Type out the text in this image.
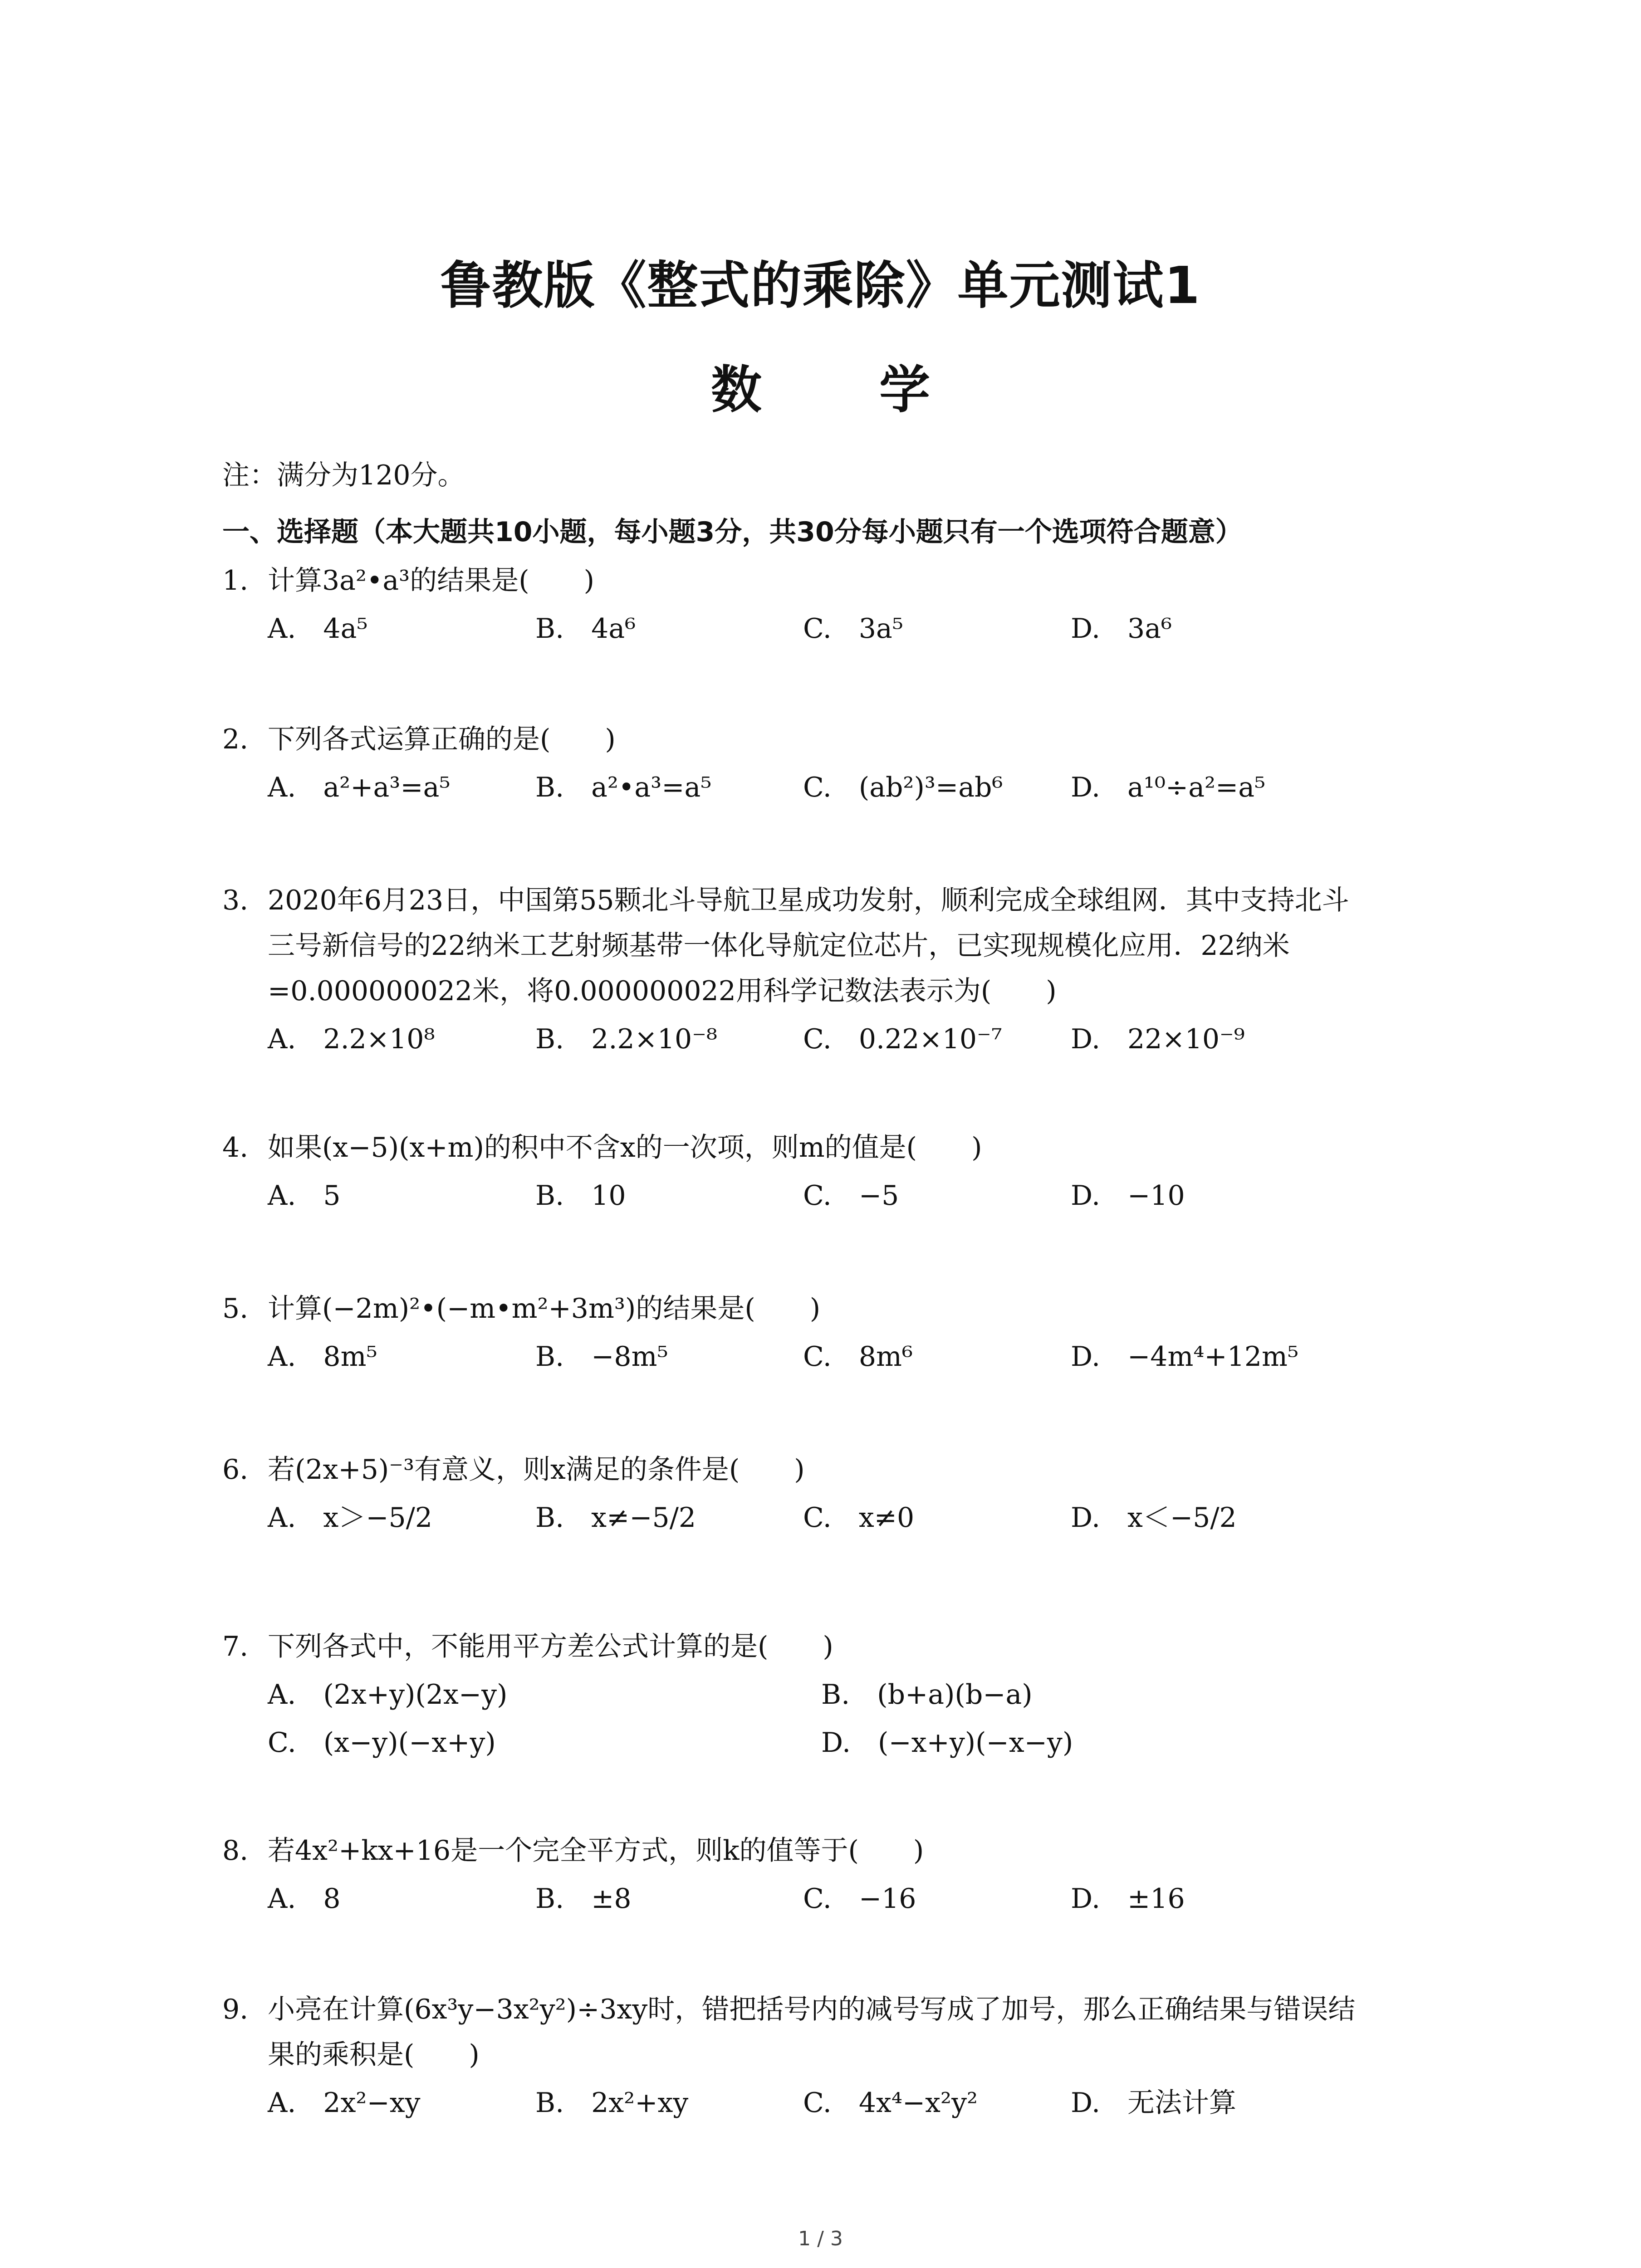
鲁教版《整式的乘除》单元测试1
数 学
注：满分为120分。
一、选择题（本大题共10小题，每小题3分，共30分每小题只有一个选项符合题意）
1. 计算3a²•a³的结果是(　　)
A.　4a⁵	B.　4a⁶	C.　3a⁵	D.　3a⁶
2. 下列各式运算正确的是(　　)
A.　a²+a³=a⁵	B.　a²•a³=a⁵	C.　(ab²)³=ab⁶ D.　a¹⁰÷a²=a⁵
3. 2020年6月23日，中国第55颗北斗导航卫星成功发射，顺利完成全球组网．其中支持北斗
三号新信号的22纳米工艺射频基带一体化导航定位芯片，已实现规模化应用．22纳米
=0.000000022米，将0.000000022用科学记数法表示为(　　)
A.　2.2×10⁸	B.　2.2×10⁻⁸	C.　0.22×10⁻⁷	D.　22×10⁻⁹
4. 如果(x−5)(x+m)的积中不含x的一次项，则m的值是(　　)
A.　5	B.　10	C.　−5	D.　−10
5. 计算(−2m)²•(−m•m²+3m³)的结果是(　　)
A.　8m⁵	B.　−8m⁵	C.　8m⁶	D.　−4m⁴+12m⁵
6. 若(2x+5)⁻³有意义，则x满足的条件是(　　)
A.　x＞−5/2	B.　x≠−5/2	C.　x≠0	D.　x＜−5/2
7. 下列各式中，不能用平方差公式计算的是(　　)
A.　(2x+y)(2x−y)	B.　(b+a)(b−a)
C.　(x−y)(−x+y)	D.　(−x+y)(−x−y)
8. 若4x²+kx+16是一个完全平方式，则k的值等于(　　)
A.　8	B.　±8	C.　−16	D.　±16
9. 小亮在计算(6x³y−3x²y²)÷3xy时，错把括号内的减号写成了加号，那么正确结果与错误结
果的乘积是(　　)
A.　2x²−xy	B.　2x²+xy	C.　4x⁴−x²y²	D.　无法计算
1 / 3
